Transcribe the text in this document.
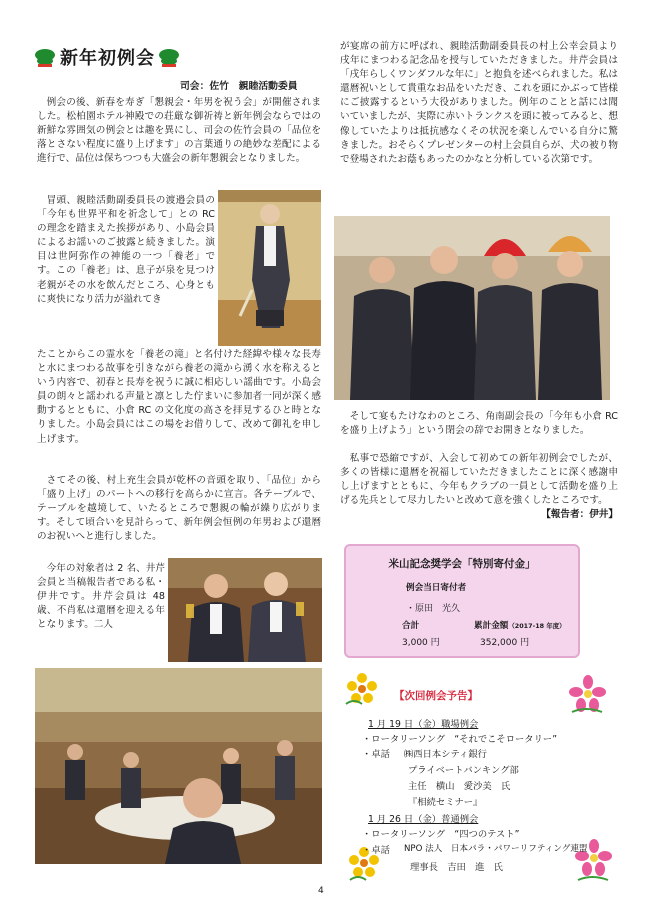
新年初例会
司会：佐竹　親睦活動委員

例会の後、新春を寿ぎ「懇親会・年男を祝う会」が開催されました。松柏園ホテル神殿での荘厳な御祈祷と新年例会ならではの新鮮な雰囲気の例会とは趣を異にし、司会の佐竹会員の「品位を落とさない程度に盛り上げます」の言葉通りの絶妙な差配による進行で、品位は保ちつつも大盛会の新年懇親会となりました。

冒頭、親睦活動副委員長の渡邉会員の「今年も世界平和を祈念して」との RC の理念を踏まえた挨拶があり、小島会員によるお謡いのご披露と続きました。演目は世阿弥作の神能の一つ「養老」です。この「養老」は、息子が泉を見つけ老親がその水を飲んだところ、心身ともに爽快になり活力が溢れてき

たことからこの霊水を「養老の滝」と名付けた経緯や様々な長寿と水にまつわる故事を引きながら養老の滝から湧く水を称えるという内容で、初春と長寿を祝うに誠に相応しい謡曲です。小島会員の朗々と謡われる声量と凛とした佇まいに参加者一同が深く感動するとともに、小倉 RC の文化度の高さを拝見するひと時となりました。小島会員にはこの場をお借りして、改めて御礼を申し上げます。

さてその後、村上充生会員が乾杯の音頭を取り、「品位」から「盛り上げ」のパートへの移行を高らかに宣言。各テーブルで、テーブルを越境して、いたるところで懇親の輪が繰り広がります。そして頃合いを見計らって、新年例会恒例の年男および還暦のお祝いへと進行しました。

今年の対象者は 2 名、井芹会員と当稿報告者である私・伊井です。井芹会員は 48 歳、不肖私は還暦を迎える年となります。二人

が宴席の前方に呼ばれ、親睦活動副委員長の村上公幸会員より戌年にまつわる記念品を授与していただきました。井芹会員は「戌年らしくワンダフルな年に」と抱負を述べられました。私は還暦祝いとして貴重なお品をいただき、これを頭にかぶって皆様にご披露するという大役がありました。例年のことと話には聞いていましたが、実際に赤いトランクスを頭に被ってみると、想像していたよりは抵抗感なくその状況を楽しんでいる自分に驚きました。おそらくプレゼンターの村上会員自らが、犬の被り物で登場されたお蔭もあったのかなと分析している次第です。

そして宴もたけなわのところ、角南副会長の「今年も小倉 RC を盛り上げよう」という閉会の辞でお開きとなりました。

私事で恐縮ですが、入会して初めての新年初例会でしたが、多くの皆様に還暦を祝福していただきましたことに深く感謝申し上げますとともに、今年もクラブの一員として活動を盛り上げる先兵として尽力したいと改めて意を強くしたところです。

【報告者：伊井】
米山記念奨学会「特別寄付金」
例会当日寄付者
・原田　光久
合計	累計金額（2017-18 年度）
3,000 円	352,000 円
【次回例会予告】
1 月 19 日（金）職場例会
・ロータリーソング　“それでこそロータリー”
・卓話 ㈱西日本シティ銀行
プライベートバンキング部
主任　横山　愛沙美　氏
『相続セミナー』
1 月 26 日（金）普通例会
・ロータリーソング　“四つのテスト”
・卓話 NPO 法人　日本パラ・パワーリフティング連盟
理事長　吉田　進　氏
4
